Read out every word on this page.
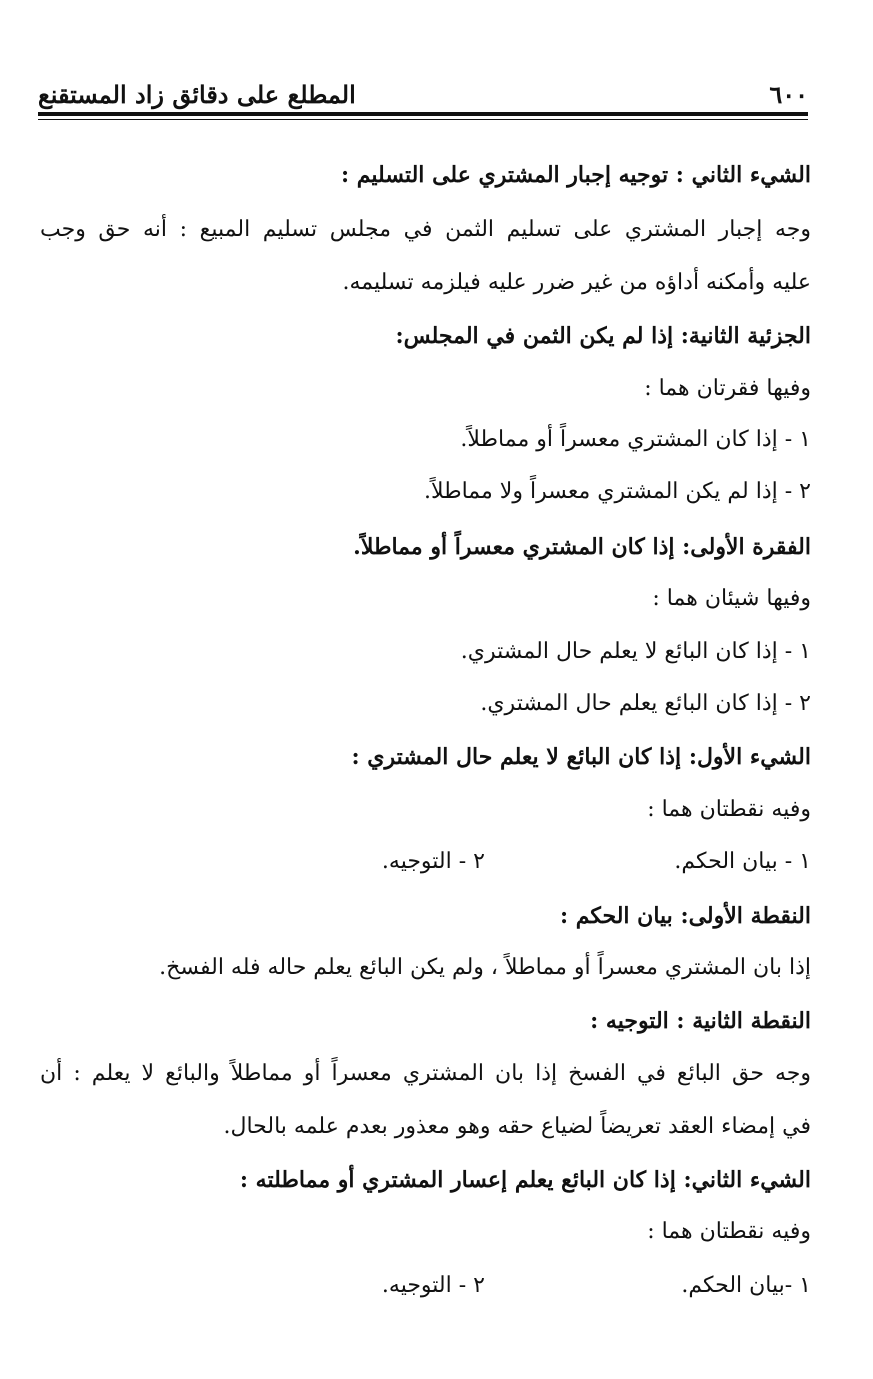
٦٠٠
المطلع على دقائق زاد المستقنع
الشيء الثاني : توجيه إجبار المشتري على التسليم :
وجه إجبار المشتري على تسليم الثمن في مجلس تسليم المبيع : أنه حق وجب
عليه وأمكنه أداؤه من غير ضرر عليه فيلزمه تسليمه.
الجزئية الثانية: إذا لم يكن الثمن في المجلس:
وفيها فقرتان هما :
١ - إذا كان المشتري معسراً أو مماطلاً.
٢ - إذا لم يكن المشتري معسراً ولا مماطلاً.
الفقرة الأولى: إذا كان المشتري معسراً أو مماطلاً.
وفيها شيئان هما :
١ - إذا كان البائع لا يعلم حال المشتري.
٢ - إذا كان البائع يعلم حال المشتري.
الشيء الأول: إذا كان البائع لا يعلم حال المشتري :
وفيه نقطتان هما :
١ - بيان الحكم.
٢ - التوجيه.
النقطة الأولى: بيان الحكم :
إذا بان المشتري معسراً أو مماطلاً ، ولم يكن البائع يعلم حاله فله الفسخ.
النقطة الثانية : التوجيه :
وجه حق البائع في الفسخ إذا بان المشتري معسراً أو مماطلاً والبائع لا يعلم : أن
في إمضاء العقد تعريضاً لضياع حقه وهو معذور بعدم علمه بالحال.
الشيء الثاني: إذا كان البائع يعلم إعسار المشتري أو مماطلته :
وفيه نقطتان هما :
١ -بيان الحكم.
٢ - التوجيه.
